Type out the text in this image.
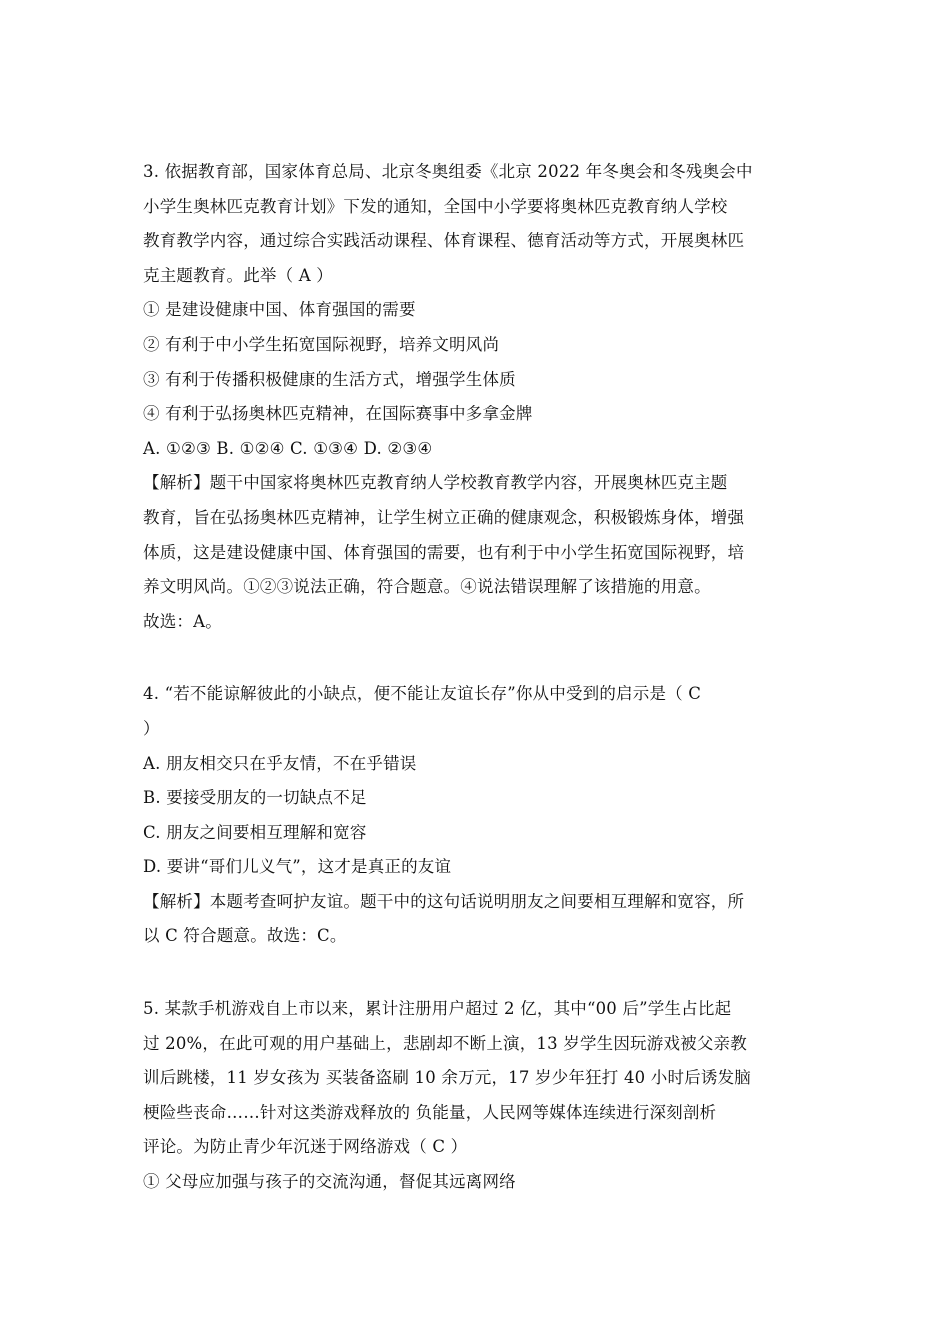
3. 依据教育部，国家体育总局、北京冬奥组委《北京 2022 年冬奥会和冬残奥会中
小学生奥林匹克教育计划》下发的通知，全国中小学要将奥林匹克教育纳人学校
教育教学内容，通过综合实践活动课程、体育课程、德育活动等方式，开展奥林匹
克主题教育。此举（ A ）
① 是建设健康中国、体育强国的需要
② 有利于中小学生拓宽国际视野，培养文明风尚
③ 有利于传播积极健康的生活方式，增强学生体质
④ 有利于弘扬奥林匹克精神，在国际赛事中多拿金牌
A. ①②③ B. ①②④ C. ①③④ D. ②③④
【解析】题干中国家将奥林匹克教育纳人学校教育教学内容，开展奥林匹克主题
教育，旨在弘扬奥林匹克精神，让学生树立正确的健康观念，积极锻炼身体，增强
体质，这是建设健康中国、体育强国的需要，也有利于中小学生拓宽国际视野，培
养文明风尚。①②③说法正确，符合题意。④说法错误理解了该措施的用意。
故选：A。
4. “若不能谅解彼此的小缺点，便不能让友谊长存”你从中受到的启示是（ C
）
A. 朋友相交只在乎友情，不在乎错误
B. 要接受朋友的一切缺点不足
C. 朋友之间要相互理解和宽容
D. 要讲“哥们儿义气”，这才是真正的友谊
【解析】本题考查呵护友谊。题干中的这句话说明朋友之间要相互理解和宽容，所
以 C 符合题意。故选：C。
5. 某款手机游戏自上市以来，累计注册用户超过 2 亿，其中“00 后”学生占比起
过 20%，在此可观的用户基础上，悲剧却不断上演，13 岁学生因玩游戏被父亲教
训后跳楼，11 岁女孩为 买装备盗刷 10 余万元，17 岁少年狂打 40 小时后诱发脑
梗险些丧命……针对这类游戏释放的 负能量，人民网等媒体连续进行深刻剖析
评论。为防止青少年沉迷于网络游戏（ C ）
① 父母应加强与孩子的交流沟通，督促其远离网络
